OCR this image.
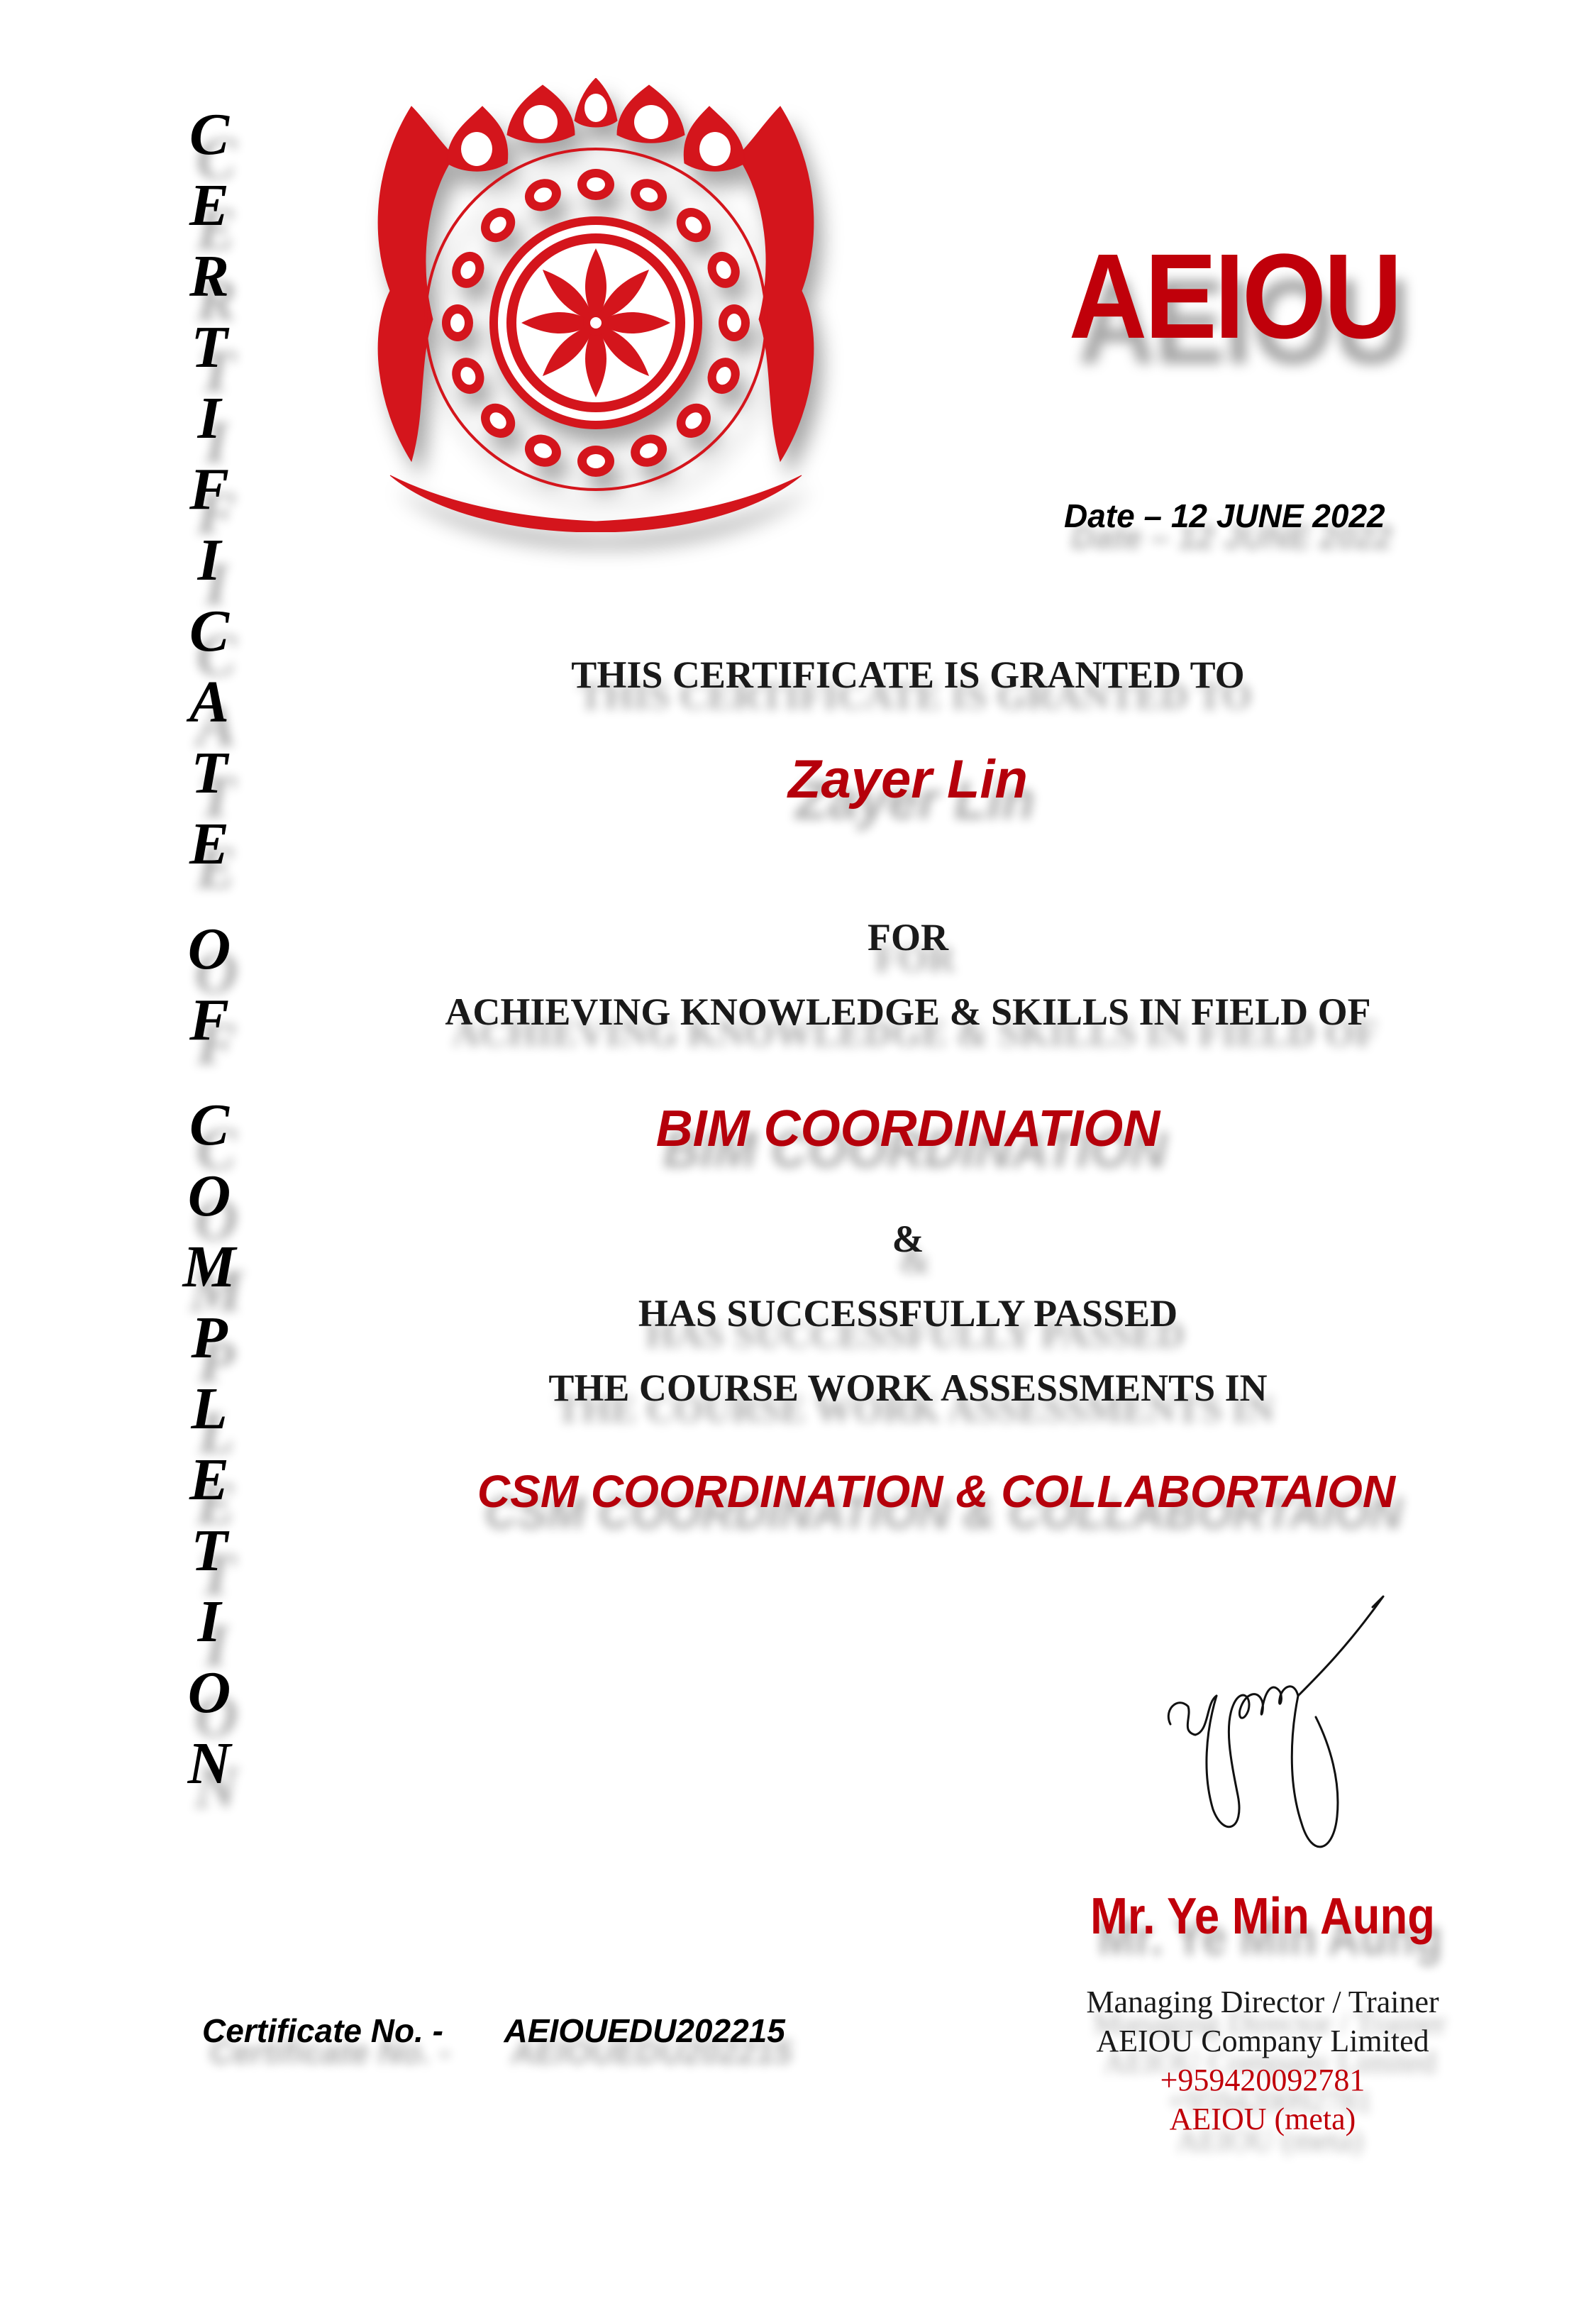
C
E
R
T
I
F
I
C
A
T
E
O
F
C
O
M
P
L
E
T
I
O
N
AEIOU
Date – 12 JUNE 2022
THIS CERTIFICATE IS GRANTED TO
Zayer Lin
FOR
ACHIEVING KNOWLEDGE & SKILLS IN FIELD OF
BIM COORDINATION
&
HAS SUCCESSFULLY PASSED
THE COURSE WORK ASSESSMENTS IN
CSM COORDINATION & COLLABORTAION
Mr. Ye Min Aung
Managing Director / Trainer
AEIOU Company Limited
+959420092781
AEIOU (meta)
Certificate No. - AEIOUEDU202215
